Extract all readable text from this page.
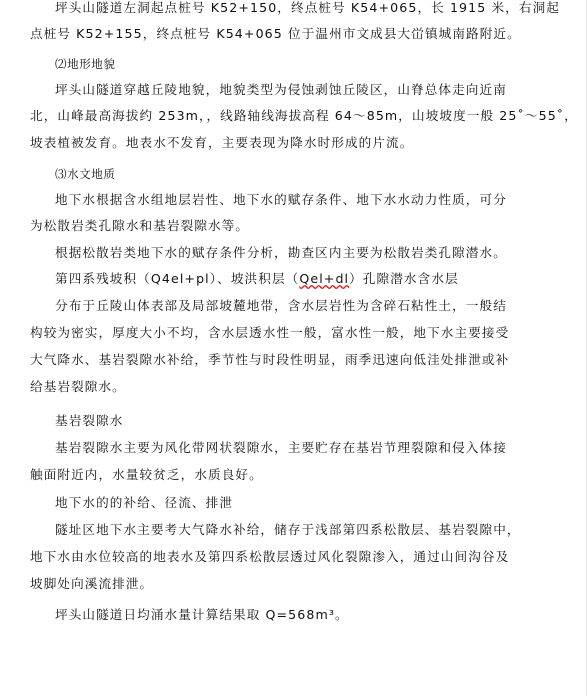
坪头山隧道左洞起点桩号 K52+150，终点桩号 K54+065，长 1915 米，右洞起
点桩号 K52+155，终点桩号 K54+065 位于温州市文成县大峃镇城南路附近。
⑵地形地貌
坪头山隧道穿越丘陵地貌，地貌类型为侵蚀剥蚀丘陵区，山脊总体走向近南
北，山峰最高海拔约 253m，，线路轴线海拔高程 64～85m，山坡坡度一般 25˚～55˚，
坡表植被发育。地表水不发育，主要表现为降水时形成的片流。
⑶水文地质
地下水根据含水组地层岩性、地下水的赋存条件、地下水水动力性质，可分
为松散岩类孔隙水和基岩裂隙水等。
根据松散岩类地下水的赋存条件分析，勘查区内主要为松散岩类孔隙潜水。
第四系残坡积（Q4el+pl）、坡洪积层（Qel+dl）孔隙潜水含水层
分布于丘陵山体表部及局部坡麓地带，含水层岩性为含碎石粘性土，一般结
构较为密实，厚度大小不均，含水层透水性一般，富水性一般，地下水主要接受
大气降水、基岩裂隙水补给，季节性与时段性明显，雨季迅速向低洼处排泄或补
给基岩裂隙水。
基岩裂隙水
基岩裂隙水主要为风化带网状裂隙水，主要贮存在基岩节理裂隙和侵入体接
触面附近内，水量较贫乏，水质良好。
地下水的的补给、径流、排泄
隧址区地下水主要考大气降水补给，储存于浅部第四系松散层、基岩裂隙中，
地下水由水位较高的地表水及第四系松散层透过风化裂隙渗入，通过山间沟谷及
坡脚处向溪流排泄。
坪头山隧道日均涌水量计算结果取 Q=568m³。
